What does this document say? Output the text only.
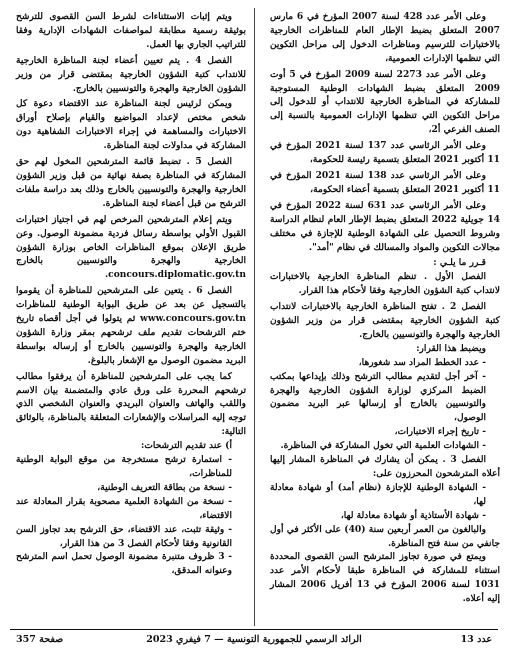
وعلى الأمر عدد 428 لسنة 2007 المؤرخ في 6 مارس 2007 المتعلق بضبط الإطار العام للمناظرات الخارجية بالاختبارات للترسيم ومناظرات الدخول إلى مراحل التكوين التي تنظمها الإدارات العمومية،

وعلى الأمر عدد 2273 لسنة 2009 المؤرخ في 5 أوت 2009 المتعلق بضبط الشهادات الوطنية المستوجبة للمشاركة في المناظرة الخارجية للانتداب أو للدخول إلى مراحل التكوين التي تنظمها الإدارات العمومية بالنسبة إلى الصنف الفرعي أ2،

وعلى الأمر الرئاسي عدد 137 لسنة 2021 المؤرخ في 11 أكتوبر 2021 المتعلق بتسمية رئيسة للحكومة،

وعلى الأمر الرئاسي عدد 138 لسنة 2021 المؤرخ في 11 أكتوبر 2021 المتعلق بتسمية أعضاء الحكومة،

وعلى الأمر الرئاسي عدد 631 لسنة 2022 المؤرخ في 14 جويلية 2022 المتعلق بضبط الإطار العام لنظام الدراسة وشروط التحصيل على الشهادة الوطنية للإجازة في مختلف مجالات التكوين والمواد والمسالك في نظام "أمد".

قـرر ما يلـي :

الفصل الأول . تنظم المناظرة الخارجية بالاختبارات لانتداب كتبة الشؤون الخارجية وفقا لأحكام هذا القرار.

الفصل 2 . تفتح المناظرة الخارجية بالاختبارات لانتداب كتبة الشؤون الخارجية بمقتضى قرار من وزير الشؤون الخارجية والهجرة والتونسيين بالخارج.

ويضبط هذا القرار:

- عدد الخطط المراد سد شغورها،

- آخر أجل لتقديم مطالب الترشح وذلك بإيداعها بمكتب الضبط المركزي لوزارة الشؤون الخارجية والهجرة والتونسيين بالخارج أو إرسالها عبر البريد مضمون الوصول،

- تاريخ إجراء الاختبارات،

- الشهادات العلمية التي تخول المشاركة في المناظرة.

الفصل 3 . يمكن أن يشارك في المناظرة المشار إليها أعلاه المترشحون المحرزون على:

- الشهادة الوطنية للإجازة (نظام أمد) أو شهادة معادلة لها،

- شهادة الأستاذية أو شهادة معادلة لها،

والبالغون من العمر أربعين سنة (40) على الأكثر في أول جانفي من سنة فتح المناظرة.

ويمتع في صورة تجاوز المترشح السن القصوى المحددة استثناء للمشاركة في المناظرة طبقا لأحكام الأمر عدد 1031 لسنة 2006 المؤرخ في 13 أفريل 2006 المشار إليه أعلاه.

ويتم إثبات الاستثناءات لشرط السن القصوى للترشح بوثيقة رسمية مطابقة لمواصفات الشهادات الإدارية وفقا للتراتيب الجاري بها العمل.

الفصل 4 . يتم تعيين أعضاء لجنة المناظرة الخارجية للانتداب كتبة الشؤون الخارجية بمقتضى قرار من وزير الشؤون الخارجية والهجرة والتونسيين بالخارج.

ويمكن لرئيس لجنة المناظرة عند الاقتضاء دعوة كل شخص مختص لإعداد المواضيع والقيام بإصلاح أوراق الاختبارات والمساهمة في إجراء الاختبارات الشفاهية دون المشاركة في مداولات لجنة المناظرة.

الفصل 5 . تضبط قائمة المترشحين المخول لهم حق المشاركة في المناظرة بصفة نهائية من قبل وزير الشؤون الخارجية والهجرة والتونسيين بالخارج وذلك بعد دراسة ملفات الترشح من قبل أعضاء لجنة المناظرة.

ويتم إعلام المترشحين المرخص لهم في اجتياز اختبارات القبول الأولي بواسطة رسائل فردية مضمونة الوصول. وعن طريق الإعلان بموقع المناظرات الخاص بوزارة الشؤون الخارجية والهجرة والتونسيين بالخارج concours.diplomatic.gov.tn.

الفصل 6 . يتعين على المترشحين للمناظرة أن يقوموا بالتسجيل عن بعد عن طريق البوابة الوطنية للمناظرات www.concours.gov.tn ثم يتولوا في أجل أقصاه تاريخ ختم الترشحات تقديم ملف ترشحهم بمقر وزارة الشؤون الخارجية والهجرة والتونسيين بالخارج أو إرساله بواسطة البريد مضمون الوصول مع الإشعار بالبلوغ.

كما يجب على المترشحين للمناظرة أن يرفقوا مطالب ترشحهم المحررة على ورق عادي والمتضمنة بيان الاسم واللقب والهاتف والعنوان البريدي والعنوان الشخصي الذي توجه إليه المراسلات والإشعارات المتعلقة بالمناظرة، بالوثائق التالية:

أ) عند تقديم الترشحات:

- استمارة ترشح مستخرجة من موقع البوابة الوطنية للمناظرات،

- نسخة من بطاقة التعريف الوطنية،

- نسخة من الشهادة العلمية مصحوبة بقرار المعادلة عند الاقتضاء،

- وثيقة تثبت، عند الاقتضاء، حق الترشح بعد تجاوز السن القانونية وفقا لأحكام الفصل 3 من هذا القرار،

- 3 ظروف متنبرة مضمونة الوصول تحمل اسم المترشح وعنوانه المدقق،

صفحة 357	الرائد الرسمي للجمهورية التونسية — 7 فيفري 2023	عدد 13
